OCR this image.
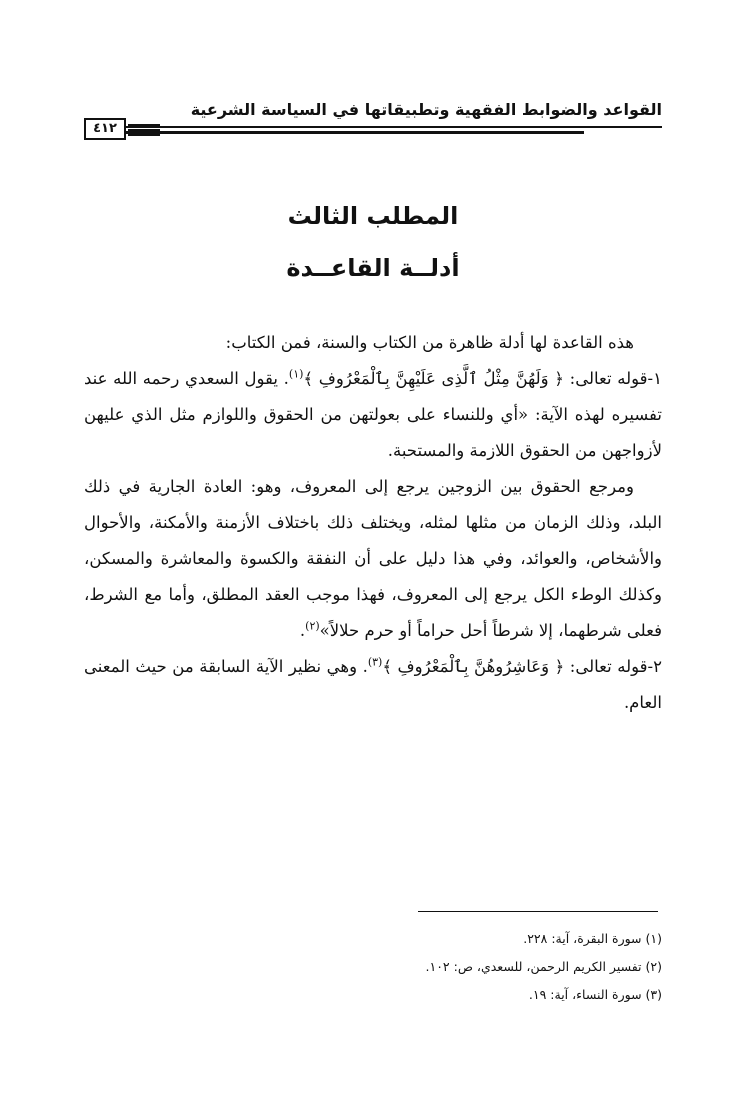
القواعد والضوابط الفقهية وتطبيقاتها في السياسة الشرعية
٤١٢
المطلب الثالث
أدلــة القاعــدة

هذه القاعدة لها أدلة ظاهرة من الكتاب والسنة، فمن الكتاب:

١-قوله تعالى: ﴿ وَلَهُنَّ مِثْلُ ٱلَّذِى عَلَيْهِنَّ بِٱلْمَعْرُوفِ ﴾$^{(١)}$. يقول السعدي رحمه الله عند تفسيره لهذه الآية: «أي وللنساء على بعولتهن من الحقوق واللوازم مثل الذي عليهن لأزواجهن من الحقوق اللازمة والمستحبة.

ومرجع الحقوق بين الزوجين يرجع إلى المعروف، وهو: العادة الجارية في ذلك البلد، وذلك الزمان من مثلها لمثله، ويختلف ذلك باختلاف الأزمنة والأمكنة، والأحوال والأشخاص، والعوائد، وفي هذا دليل على أن النفقة والكسوة والمعاشرة والمسكن، وكذلك الوطء الكل يرجع إلى المعروف، فهذا موجب العقد المطلق، وأما مع الشرط، فعلى شرطهما، إلا شرطاً أحل حراماً أو حرم حلالاً»$^{(٢)}$.

٢-قوله تعالى: ﴿ وَعَاشِرُوهُنَّ بِٱلْمَعْرُوفِ ﴾$^{(٣)}$. وهي نظير الآية السابقة من حيث المعنى العام.

(١) سورة البقرة، آية: ٢٢٨.
(٢) تفسير الكريم الرحمن، للسعدي، ص: ١٠٢.
(٣) سورة النساء، آية: ١٩.
